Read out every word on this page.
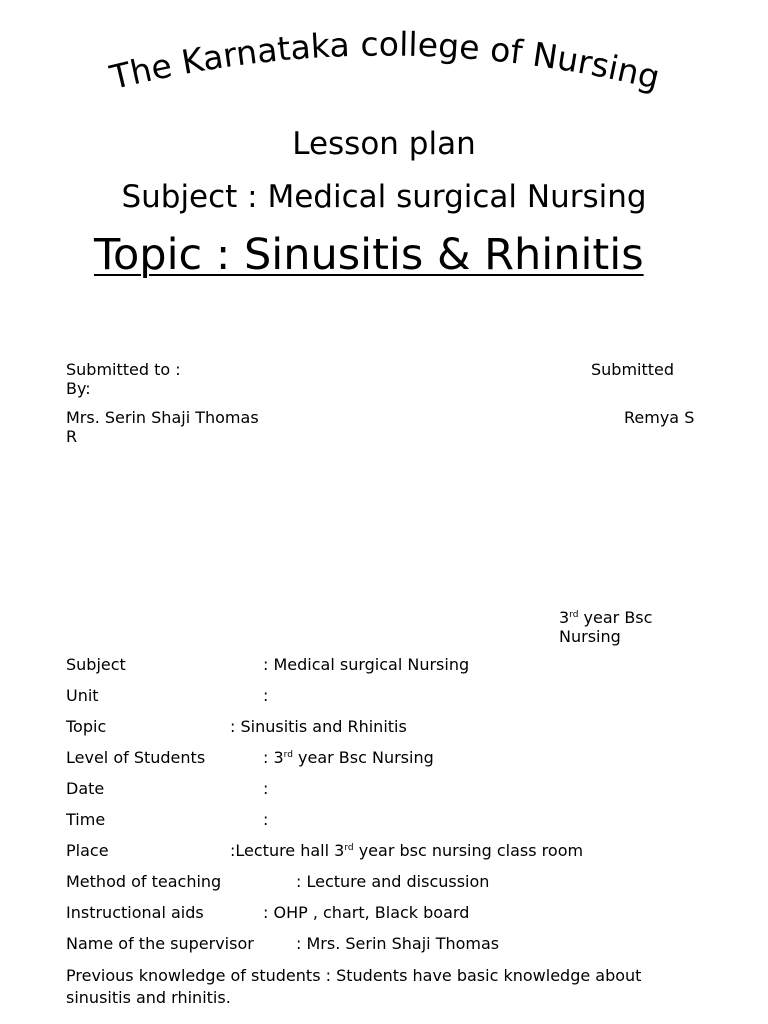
The Karnataka college of Nursing
Lesson plan
Subject : Medical surgical Nursing
Topic : Sinusitis & Rhinitis
Submitted to :	Submitted
By:
Mrs. Serin Shaji Thomas	Remya S
R
3rd year Bsc
Nursing
Subject	: Medical surgical Nursing
Unit	:
Topic	: Sinusitis and Rhinitis
Level of Students	: 3rd year Bsc Nursing
Date	:
Time	:
Place	:Lecture hall 3rd year bsc nursing class room
Method of teaching	: Lecture and discussion
Instructional aids	: OHP , chart, Black board
Name of the supervisor	: Mrs. Serin Shaji Thomas
Previous knowledge of students : Students have basic knowledge about sinusitis and rhinitis.
